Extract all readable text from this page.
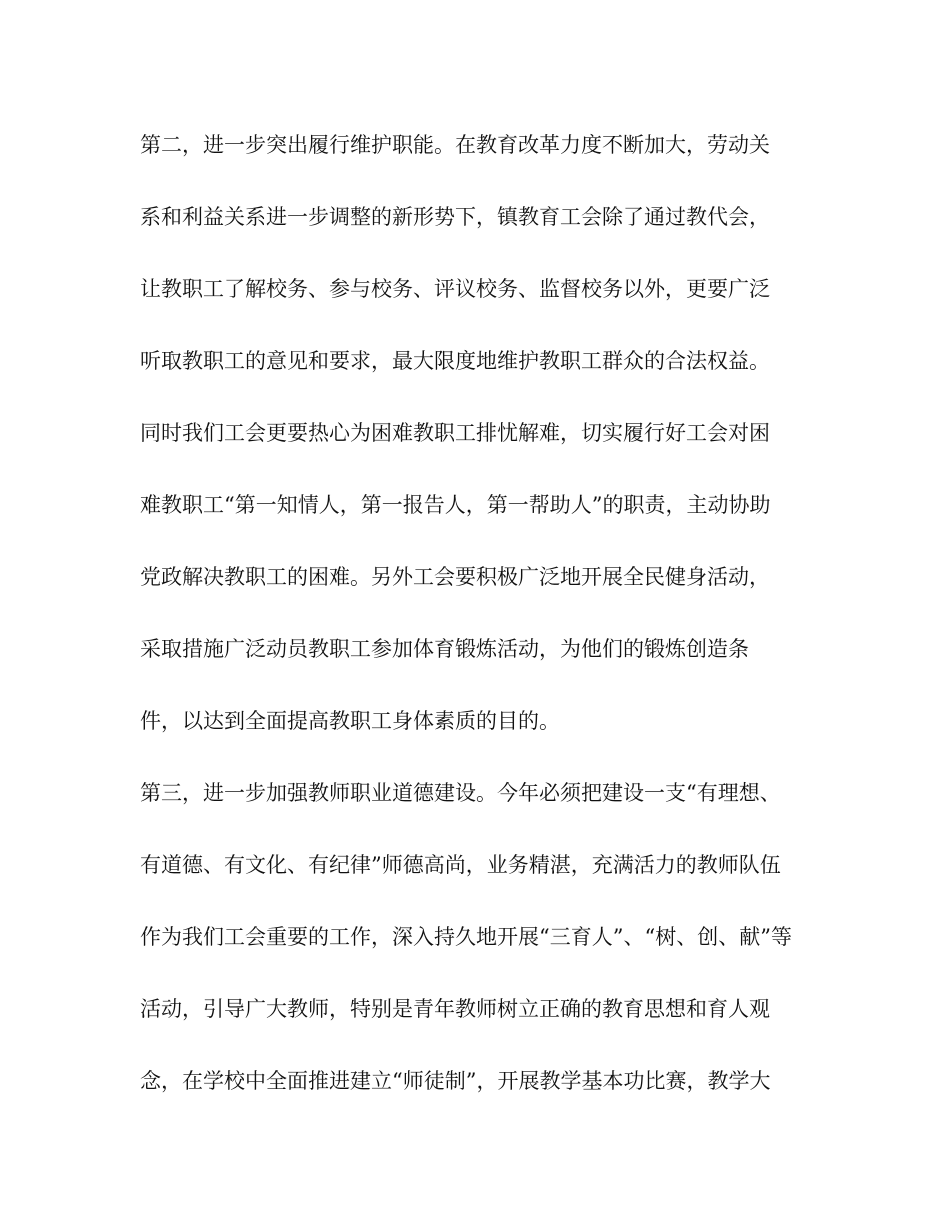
第二，进一步突出履行维护职能。在教育改革力度不断加大，劳动关

系和利益关系进一步调整的新形势下，镇教育工会除了通过教代会，

让教职工了解校务、参与校务、评议校务、监督校务以外，更要广泛

听取教职工的意见和要求，最大限度地维护教职工群众的合法权益。

同时我们工会更要热心为困难教职工排忧解难，切实履行好工会对困

难教职工“第一知情人，第一报告人，第一帮助人”的职责，主动协助

党政解决教职工的困难。另外工会要积极广泛地开展全民健身活动，

采取措施广泛动员教职工参加体育锻炼活动，为他们的锻炼创造条

件，以达到全面提高教职工身体素质的目的。

第三，进一步加强教师职业道德建设。今年必须把建设一支“有理想、

有道德、有文化、有纪律”师德高尚，业务精湛，充满活力的教师队伍

作为我们工会重要的工作，深入持久地开展“三育人”、“树、创、献”等

活动，引导广大教师，特别是青年教师树立正确的教育思想和育人观

念，在学校中全面推进建立“师徒制”，开展教学基本功比赛，教学大
